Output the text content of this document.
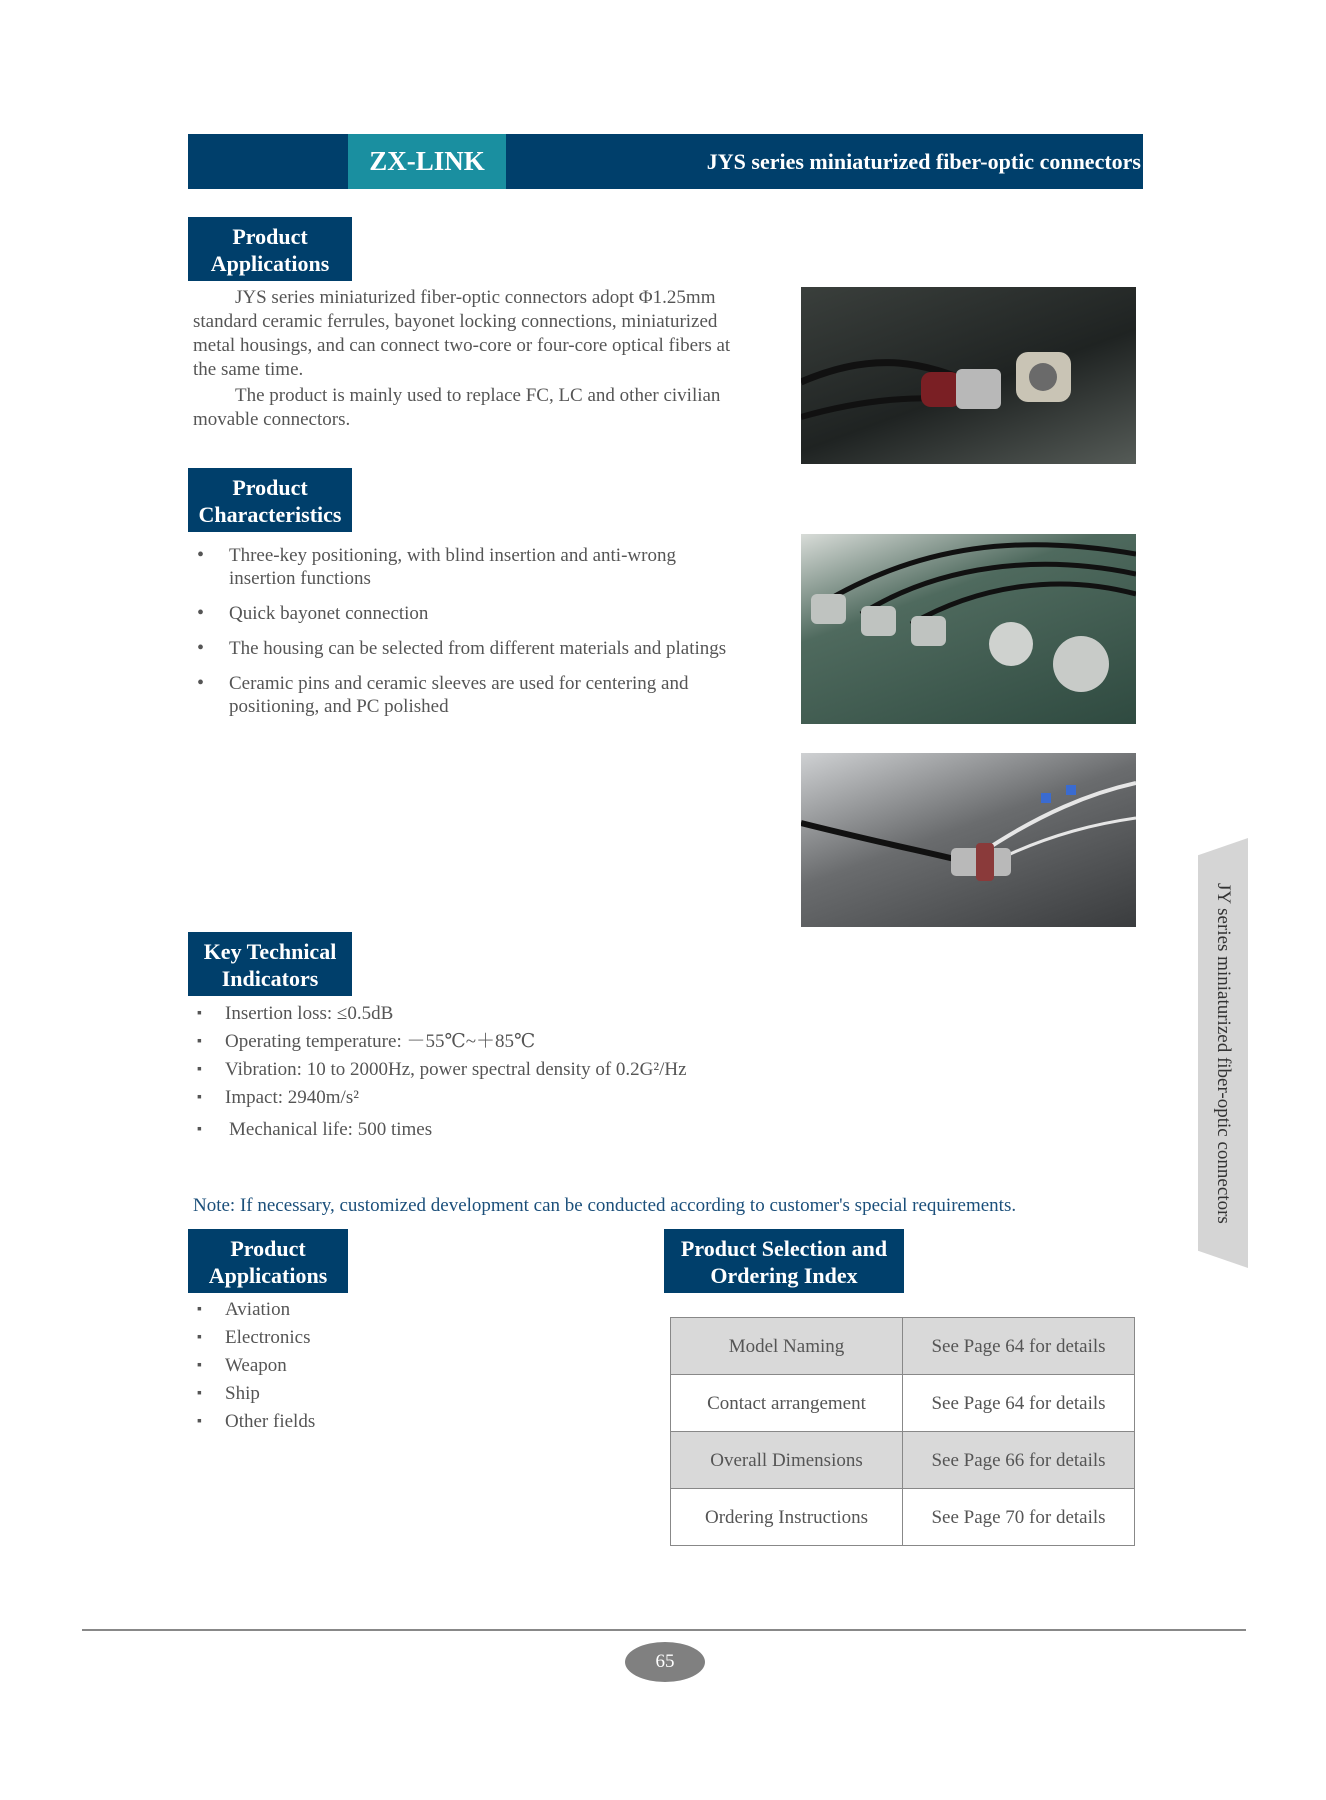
ZX-LINK	JYS series miniaturized fiber-optic connectors
Product Applications

JYS series miniaturized fiber-optic connectors adopt Φ1.25mm standard ceramic ferrules, bayonet locking connections, miniaturized metal housings, and can connect two-core or four-core optical fibers at the same time.

The product is mainly used to replace FC, LC and other civilian movable connectors.

Product Characteristics
• Three-key positioning, with blind insertion and anti-wrong insertion functions
• Quick bayonet connection
• The housing can be selected from different materials and platings
• Ceramic pins and ceramic sleeves are used for centering and positioning, and PC polished
Key Technical Indicators
▪ Insertion loss: ≤0.5dB
▪ Operating temperature: －55℃~＋85℃
▪ Vibration: 10 to 2000Hz, power spectral density of 0.2G²/Hz
▪ Impact: 2940m/s²
▪ Mechanical life: 500 times
Note: If necessary, customized development can be conducted according to customer's special requirements.
Product Applications
▪ Aviation
▪ Electronics
▪ Weapon
▪ Ship
▪ Other fields
Product Selection and Ordering Index
Model Naming	See Page 64 for details
Contact arrangement	See Page 64 for details
Overall Dimensions	See Page 66 for details
Ordering Instructions	See Page 70 for details
JY series miniaturized fiber-optic connectors
65
